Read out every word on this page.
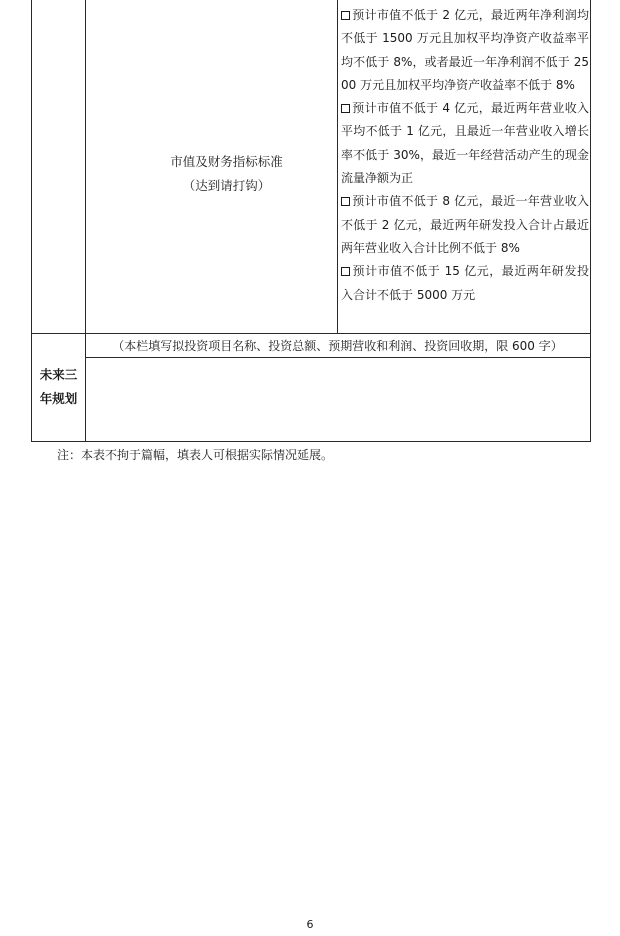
市值及财务指标标准
（达到请打钩）
预计市值不低于 2 亿元，最近两年净利润均不低于 1500 万元且加权平均净资产收益率平均不低于 8%，或者最近一年净利润不低于 2500 万元且加权平均净资产收益率不低于 8%
预计市值不低于 4 亿元，最近两年营业收入平均不低于 1 亿元，且最近一年营业收入增长率不低于 30%，最近一年经营活动产生的现金流量净额为正
预计市值不低于 8 亿元，最近一年营业收入不低于 2 亿元，最近两年研发投入合计占最近两年营业收入合计比例不低于 8%
预计市值不低于 15 亿元，最近两年研发投入合计不低于 5000 万元
未来三
年规划
（本栏填写拟投资项目名称、投资总额、预期营收和利润、投资回收期，限 600 字）
注：本表不拘于篇幅，填表人可根据实际情况延展。
6
